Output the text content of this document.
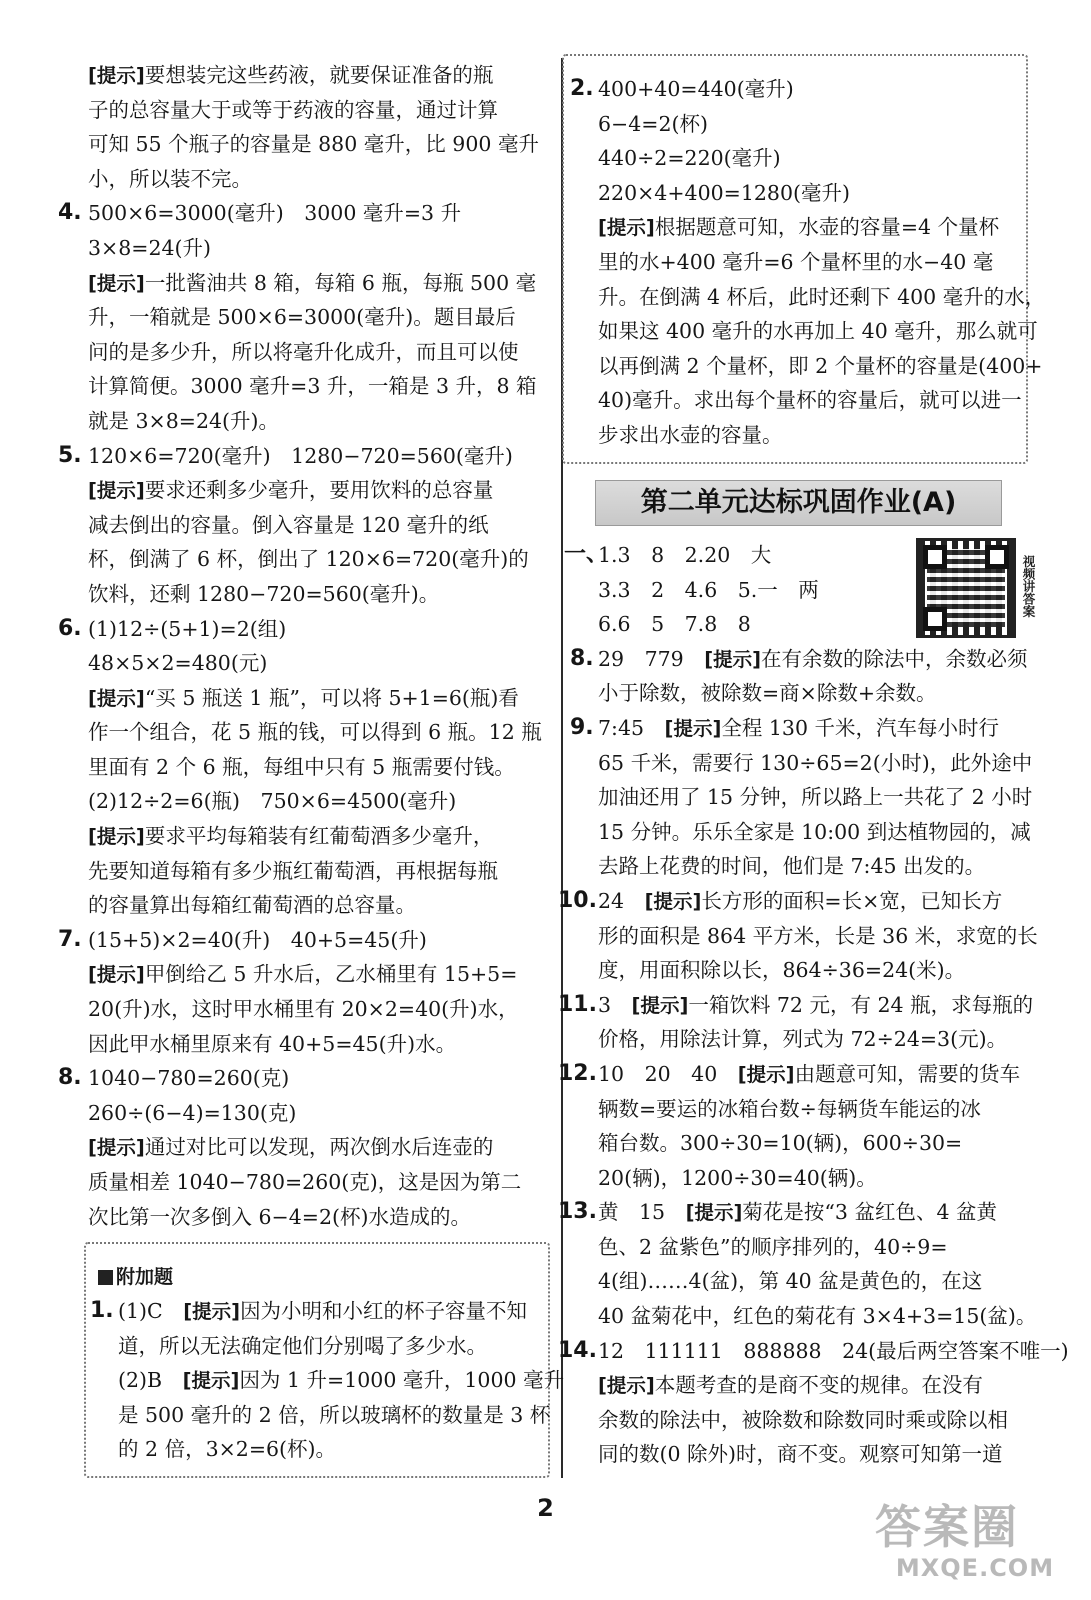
[提示]要想装完这些药液，就要保证准备的瓶
子的总容量大于或等于药液的容量，通过计算
可知 55 个瓶子的容量是 880 毫升，比 900 毫升
小，所以装不完。
4. 500×6=3000(毫升)　3000 毫升=3 升
3×8=24(升)
[提示]一批酱油共 8 箱，每箱 6 瓶，每瓶 500 毫
升，一箱就是 500×6=3000(毫升)。题目最后
问的是多少升，所以将毫升化成升，而且可以使
计算简便。3000 毫升=3 升，一箱是 3 升，8 箱
就是 3×8=24(升)。
5. 120×6=720(毫升)　1280−720=560(毫升)
[提示]要求还剩多少毫升，要用饮料的总容量
减去倒出的容量。倒入容量是 120 毫升的纸
杯，倒满了 6 杯，倒出了 120×6=720(毫升)的
饮料，还剩 1280−720=560(毫升)。
6. (1)12÷(5+1)=2(组)
48×5×2=480(元)
[提示]“买 5 瓶送 1 瓶”，可以将 5+1=6(瓶)看
作一个组合，花 5 瓶的钱，可以得到 6 瓶。12 瓶
里面有 2 个 6 瓶，每组中只有 5 瓶需要付钱。
(2)12÷2=6(瓶)　750×6=4500(毫升)
[提示]要求平均每箱装有红葡萄酒多少毫升，
先要知道每箱有多少瓶红葡萄酒，再根据每瓶
的容量算出每箱红葡萄酒的总容量。
7. (15+5)×2=40(升)　40+5=45(升)
[提示]甲倒给乙 5 升水后，乙水桶里有 15+5=
20(升)水，这时甲水桶里有 20×2=40(升)水，
因此甲水桶里原来有 40+5=45(升)水。
8. 1040−780=260(克)
260÷(6−4)=130(克)
[提示]通过对比可以发现，两次倒水后连壶的
质量相差 1040−780=260(克)，这是因为第二
次比第一次多倒入 6−4=2(杯)水造成的。
附加题
1. (1)C　[提示]因为小明和小红的杯子容量不知
道，所以无法确定他们分别喝了多少水。
(2)B　[提示]因为 1 升=1000 毫升，1000 毫升
是 500 毫升的 2 倍，所以玻璃杯的数量是 3 杯
的 2 倍，3×2=6(杯)。
2. 400+40=440(毫升)
6−4=2(杯)
440÷2=220(毫升)
220×4+400=1280(毫升)
[提示]根据题意可知，水壶的容量=4 个量杯
里的水+400 毫升=6 个量杯里的水−40 毫
升。在倒满 4 杯后，此时还剩下 400 毫升的水，
如果这 400 毫升的水再加上 40 毫升，那么就可
以再倒满 2 个量杯，即 2 个量杯的容量是(400+
40)毫升。求出每个量杯的容量后，就可以进一
步求出水壶的容量。
第二单元达标巩固作业(A)
视频讲答案
一、
1.3　8　2.20　大
3.3　2　4.6　5.一　两
6.6　5　7.8　8
8. 29　779　[提示]在有余数的除法中，余数必须
小于除数，被除数=商×除数+余数。
9. 7:45　[提示]全程 130 千米，汽车每小时行
65 千米，需要行 130÷65=2(小时)，此外途中
加油还用了 15 分钟，所以路上一共花了 2 小时
15 分钟。乐乐全家是 10:00 到达植物园的，减
去路上花费的时间，他们是 7:45 出发的。
10. 24　[提示]长方形的面积=长×宽，已知长方
形的面积是 864 平方米，长是 36 米，求宽的长
度，用面积除以长，864÷36=24(米)。
11. 3　[提示]一箱饮料 72 元，有 24 瓶，求每瓶的
价格，用除法计算，列式为 72÷24=3(元)。
12. 10　20　40　[提示]由题意可知，需要的货车
辆数=要运的冰箱台数÷每辆货车能运的冰
箱台数。300÷30=10(辆)，600÷30=
20(辆)，1200÷30=40(辆)。
13. 黄　15　[提示]菊花是按“3 盆红色、4 盆黄
色、2 盆紫色”的顺序排列的，40÷9=
4(组)……4(盆)，第 40 盆是黄色的，在这
40 盆菊花中，红色的菊花有 3×4+3=15(盆)。
14. 12　111111　888888　24(最后两空答案不唯一)
[提示]本题考查的是商不变的规律。在没有
余数的除法中，被除数和除数同时乘或除以相
同的数(0 除外)时，商不变。观察可知第一道
2	答案圈
MXQE.COM
